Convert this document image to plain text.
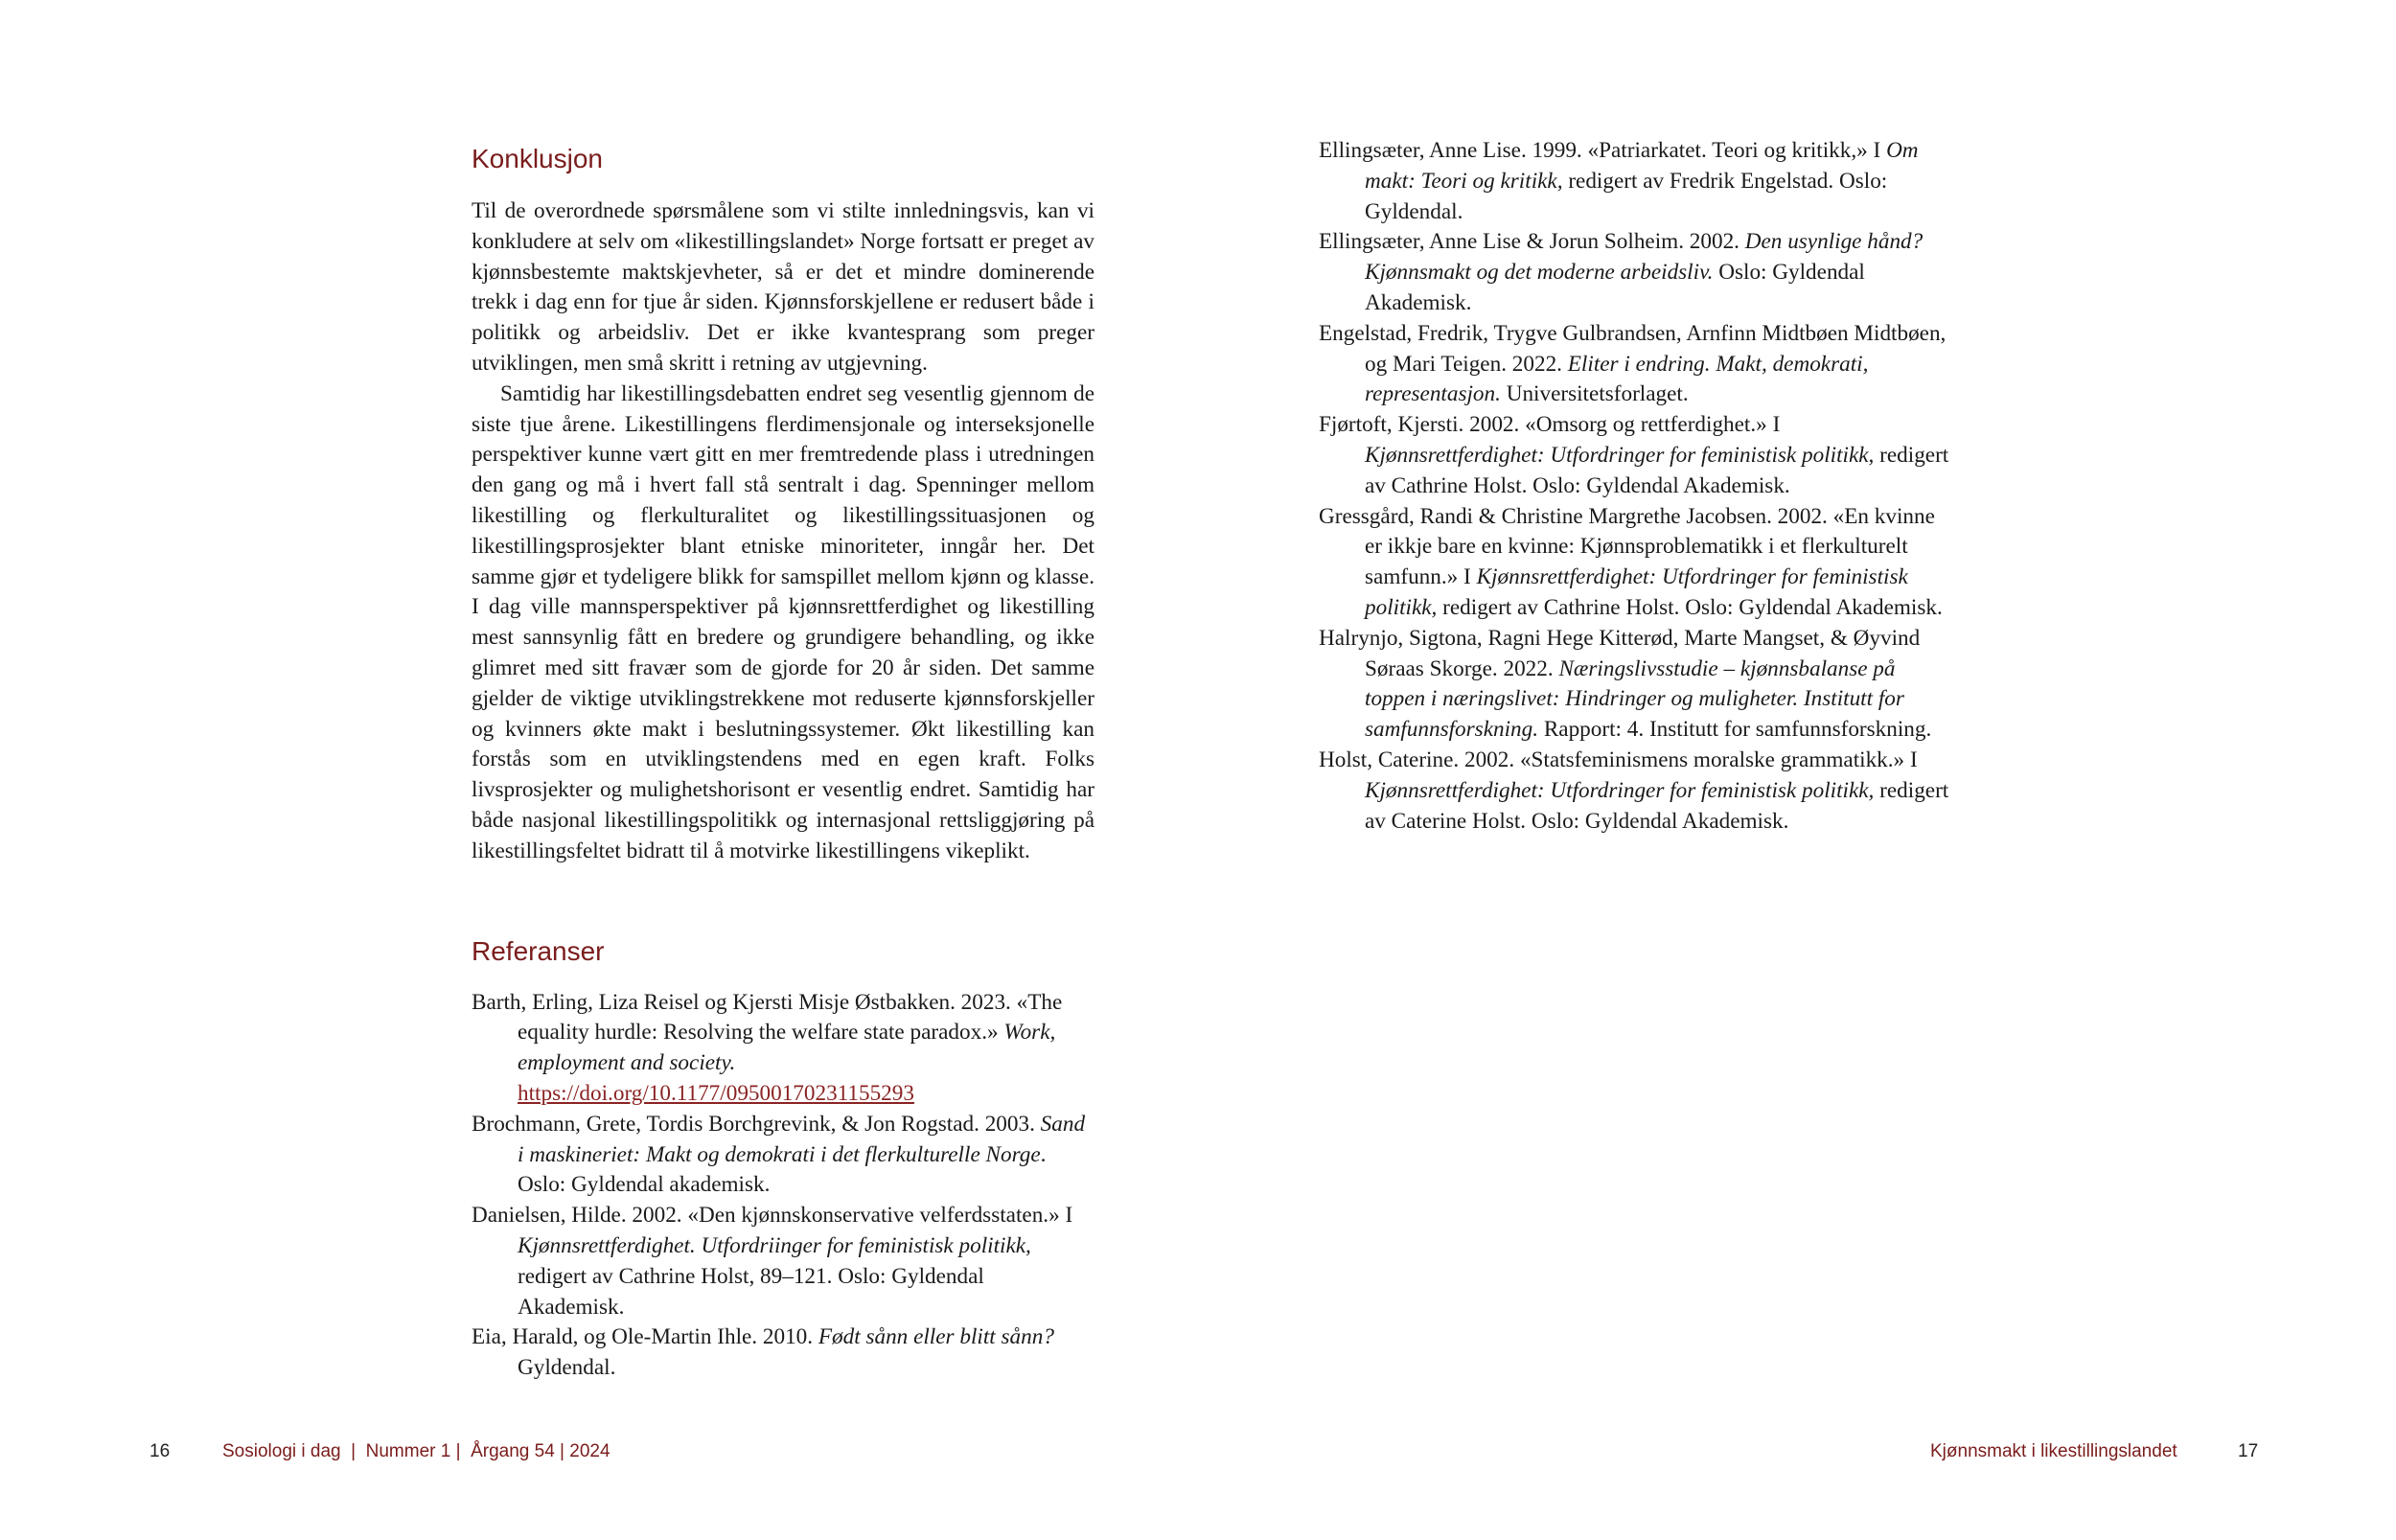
Konklusjon

Til de overordnede spørsmålene som vi stilte innledningsvis, kan vi konkludere at selv om «likestillingslandet» Norge fortsatt er preget av kjønnsbestemte maktskjevheter, så er det et mindre dominerende trekk i dag enn for tjue år siden. Kjønnsforskjellene er redusert både i politikk og arbeidsliv. Det er ikke kvantesprang som preger utviklingen, men små skritt i retning av utgjevning.

Samtidig har likestillingsdebatten endret seg vesentlig gjennom de siste tjue årene. Likestillingens flerdimensjonale og interseksjonelle perspektiver kunne vært gitt en mer fremtredende plass i utredningen den gang og må i hvert fall stå sentralt i dag. Spenninger mellom likestilling og flerkulturalitet og likestillingssituasjonen og likestillingsprosjekter blant etniske minoriteter, inngår her. Det samme gjør et tydeligere blikk for samspillet mellom kjønn og klasse. I dag ville mannsperspektiver på kjønnsrettferdighet og likestilling mest sannsynlig fått en bredere og grundigere behandling, og ikke glimret med sitt fravær som de gjorde for 20 år siden. Det samme gjelder de viktige utviklingstrekkene mot reduserte kjønnsforskjeller og kvinners økte makt i beslutningssystemer. Økt likestilling kan forstås som en utviklingstendens med en egen kraft. Folks livsprosjekter og mulighetshorisont er vesentlig endret. Samtidig har både nasjonal likestillingspolitikk og internasjonal rettsliggjøring på likestillingsfeltet bidratt til å motvirke likestillingens vikeplikt.

Referanser

Barth, Erling, Liza Reisel og Kjersti Misje Østbakken. 2023. «The equality hurdle: Resolving the welfare state paradox.» Work, employment and society. https://doi.org/10.1177/09500170231155293

Brochmann, Grete, Tordis Borchgrevink, & Jon Rogstad. 2003. Sand i maskineriet: Makt og demokrati i det flerkulturelle Norge. Oslo: Gyldendal akademisk.

Danielsen, Hilde. 2002. «Den kjønnskonservative velferdsstaten.» I Kjønnsrettferdighet. Utfordriinger for feministisk politikk, redigert av Cathrine Holst, 89–121. Oslo: Gyldendal Akademisk.

Eia, Harald, og Ole-Martin Ihle. 2010. Født sånn eller blitt sånn? Gyldendal.

Ellingsæter, Anne Lise. 1999. «Patriarkatet. Teori og kritikk,» I Om makt: Teori og kritikk, redigert av Fredrik Engelstad. Oslo: Gyldendal.

Ellingsæter, Anne Lise & Jorun Solheim. 2002. Den usynlige hånd? Kjønnsmakt og det moderne arbeidsliv. Oslo: Gyldendal Akademisk.

Engelstad, Fredrik, Trygve Gulbrandsen, Arnfinn Midtbøen Midtbøen, og Mari Teigen. 2022. Eliter i endring. Makt, demokrati, representasjon. Universitetsforlaget.

Fjørtoft, Kjersti. 2002. «Omsorg og rettferdighet.» I Kjønnsrettferdighet: Utfordringer for feministisk politikk, redigert av Cathrine Holst. Oslo: Gyldendal Akademisk.

Gressgård, Randi & Christine Margrethe Jacobsen. 2002. «En kvinne er ikkje bare en kvinne: Kjønnsproblematikk i et flerkulturelt samfunn.» I Kjønnsrettferdighet: Utfordringer for feministisk politikk, redigert av Cathrine Holst. Oslo: Gyldendal Akademisk.

Halrynjo, Sigtona, Ragni Hege Kitterød, Marte Mangset, & Øyvind Søraas Skorge. 2022. Næringslivsstudie – kjønnsbalanse på toppen i næringslivet: Hindringer og muligheter. Institutt for samfunnsforskning. Rapport: 4. Institutt for samfunnsforskning.

Holst, Caterine. 2002. «Statsfeminismens moralske grammatikk.» I Kjønnsrettferdighet: Utfordringer for feministisk politikk, redigert av Caterine Holst. Oslo: Gyldendal Akademisk.

16	Sosiologi i dag  |  Nummer 1 |  Årgang 54 | 2024	Kjønnsmakt i likestillingslandet	17
